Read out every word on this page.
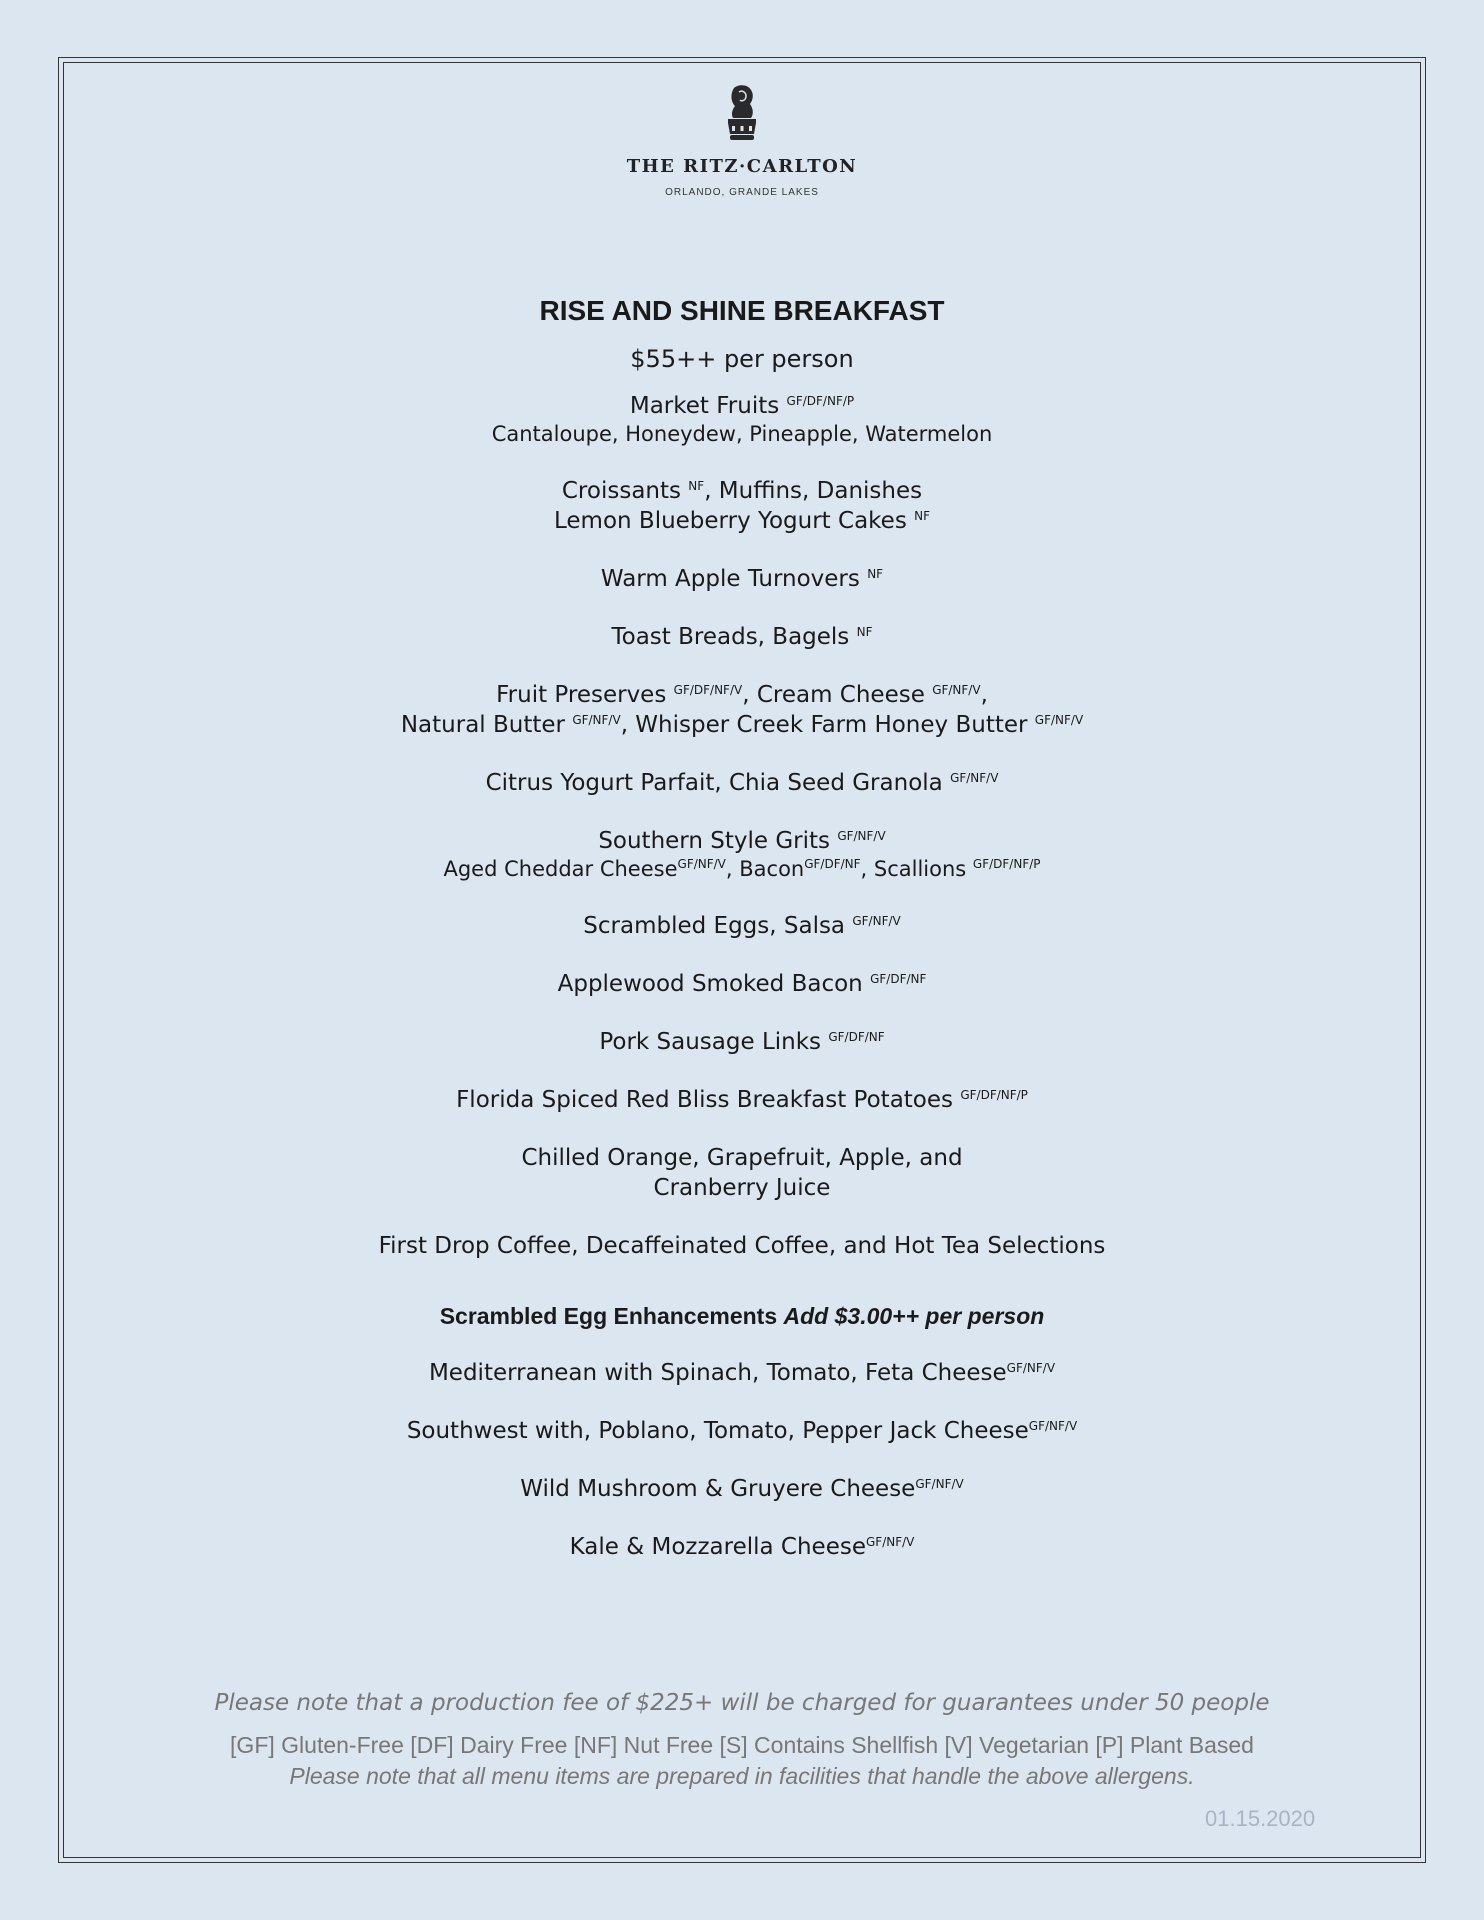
THE RITZ·CARLTON
ORLANDO, GRANDE LAKES
RISE AND SHINE BREAKFAST
$55++ per person
Market Fruits $^{GF/DF/NF/P}$
Cantaloupe, Honeydew, Pineapple, Watermelon
Croissants $^{NF}$, Muffins, Danishes
Lemon Blueberry Yogurt Cakes $^{NF}$
Warm Apple Turnovers $^{NF}$
Toast Breads, Bagels $^{NF}$
Fruit Preserves $^{GF/DF/NF/V}$, Cream Cheese $^{GF/NF/V}$,
Natural Butter $^{GF/NF/V}$, Whisper Creek Farm Honey Butter $^{GF/NF/V}$
Citrus Yogurt Parfait, Chia Seed Granola $^{GF/NF/V}$
Southern Style Grits $^{GF/NF/V}$
Aged Cheddar Cheese$^{GF/NF/V}$, Bacon$^{GF/DF/NF}$, Scallions $^{GF/DF/NF/P}$
Scrambled Eggs, Salsa $^{GF/NF/V}$
Applewood Smoked Bacon $^{GF/DF/NF}$
Pork Sausage Links $^{GF/DF/NF}$
Florida Spiced Red Bliss Breakfast Potatoes $^{GF/DF/NF/P}$
Chilled Orange, Grapefruit, Apple, and
Cranberry Juice
First Drop Coffee, Decaffeinated Coffee, and Hot Tea Selections
Scrambled Egg Enhancements Add $3.00++ per person
Mediterranean with Spinach, Tomato, Feta Cheese$^{GF/NF/V}$
Southwest with, Poblano, Tomato, Pepper Jack Cheese$^{GF/NF/V}$
Wild Mushroom & Gruyere Cheese$^{GF/NF/V}$
Kale & Mozzarella Cheese$^{GF/NF/V}$
Please note that a production fee of $225+ will be charged for guarantees under 50 people
[GF] Gluten-Free [DF] Dairy Free [NF] Nut Free [S] Contains Shellfish [V] Vegetarian [P] Plant Based
Please note that all menu items are prepared in facilities that handle the above allergens.
01.15.2020
